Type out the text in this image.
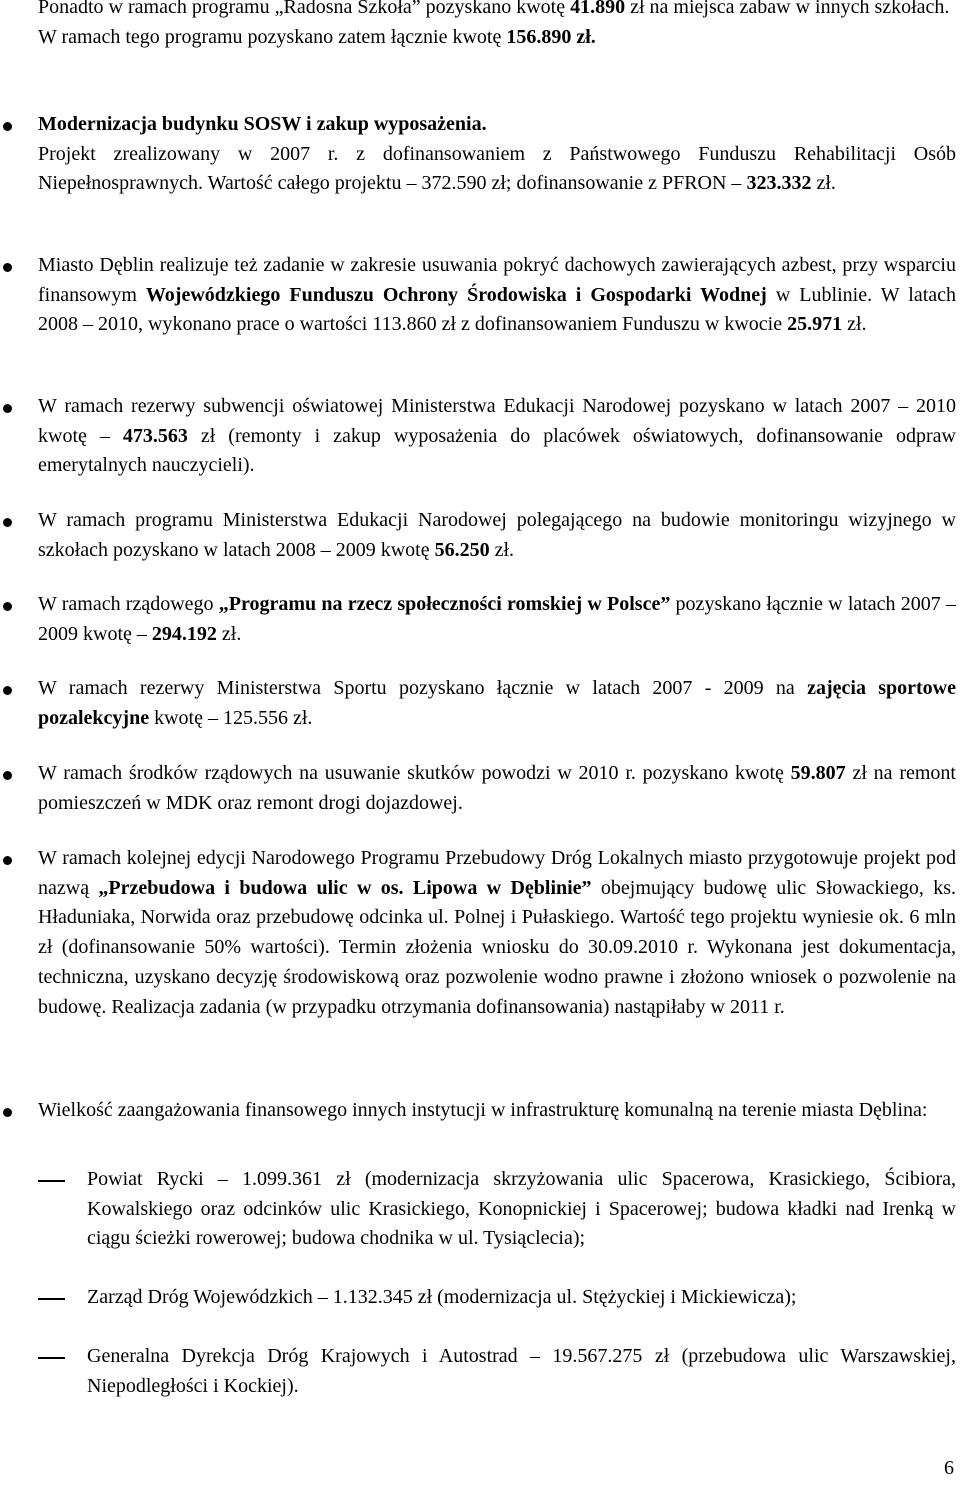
Ponadto w ramach programu „Radosna Szkoła” pozyskano kwotę 41.890 zł na miejsca zabaw w innych szkołach.
W ramach tego programu pozyskano zatem łącznie kwotę 156.890 zł.

Modernizacja budynku SOSW i zakup wyposażenia.
Projekt zrealizowany w 2007 r. z dofinansowaniem z Państwowego Funduszu Rehabilitacji Osób Niepełnosprawnych. Wartość całego projektu – 372.590 zł; dofinansowanie z PFRON – 323.332 zł.

Miasto Dęblin realizuje też zadanie w zakresie usuwania pokryć dachowych zawierających azbest, przy wsparciu finansowym Wojewódzkiego Funduszu Ochrony Środowiska i Gospodarki Wodnej w Lublinie. W latach 2008 – 2010, wykonano prace o wartości 113.860 zł z dofinansowaniem Funduszu w kwocie 25.971 zł.

W ramach rezerwy subwencji oświatowej Ministerstwa Edukacji Narodowej pozyskano w latach 2007 – 2010 kwotę – 473.563 zł (remonty i zakup wyposażenia do placówek oświatowych, dofinansowanie odpraw emerytalnych nauczycieli).

W ramach programu Ministerstwa Edukacji Narodowej polegającego na budowie monitoringu wizyjnego w szkołach pozyskano w latach 2008 – 2009 kwotę 56.250 zł.

W ramach rządowego „Programu na rzecz społeczności romskiej w Polsce” pozyskano łącznie w latach 2007 – 2009 kwotę – 294.192 zł.

W ramach rezerwy Ministerstwa Sportu pozyskano łącznie w latach 2007 - 2009 na zajęcia sportowe pozalekcyjne kwotę – 125.556 zł.

W ramach środków rządowych na usuwanie skutków powodzi w 2010 r. pozyskano kwotę 59.807 zł na remont pomieszczeń w MDK oraz remont drogi dojazdowej.

W ramach kolejnej edycji Narodowego Programu Przebudowy Dróg Lokalnych miasto przygotowuje projekt pod nazwą „Przebudowa i budowa ulic w os. Lipowa w Dęblinie” obejmujący budowę ulic Słowackiego, ks. Hładuniaka, Norwida oraz przebudowę odcinka ul. Polnej i Pułaskiego. Wartość tego projektu wyniesie ok. 6 mln zł (dofinansowanie 50% wartości). Termin złożenia wniosku do 30.09.2010 r. Wykonana jest dokumentacja, techniczna, uzyskano decyzję środowiskową oraz pozwolenie wodno prawne i złożono wniosek o pozwolenie na budowę. Realizacja zadania (w przypadku otrzymania dofinansowania) nastąpiłaby w 2011 r.

Wielkość zaangażowania finansowego innych instytucji w infrastrukturę komunalną na terenie miasta Dęblina:

Powiat Rycki – 1.099.361 zł (modernizacja skrzyżowania ulic Spacerowa, Krasickiego, Ścibiora, Kowalskiego oraz odcinków ulic Krasickiego, Konopnickiej i Spacerowej; budowa kładki nad Irenką w ciągu ścieżki rowerowej; budowa chodnika w ul. Tysiąclecia);

Zarząd Dróg Wojewódzkich – 1.132.345 zł (modernizacja ul. Stężyckiej i Mickiewicza);

Generalna Dyrekcja Dróg Krajowych i Autostrad – 19.567.275 zł (przebudowa ulic Warszawskiej, Niepodległości i Kockiej).

6
